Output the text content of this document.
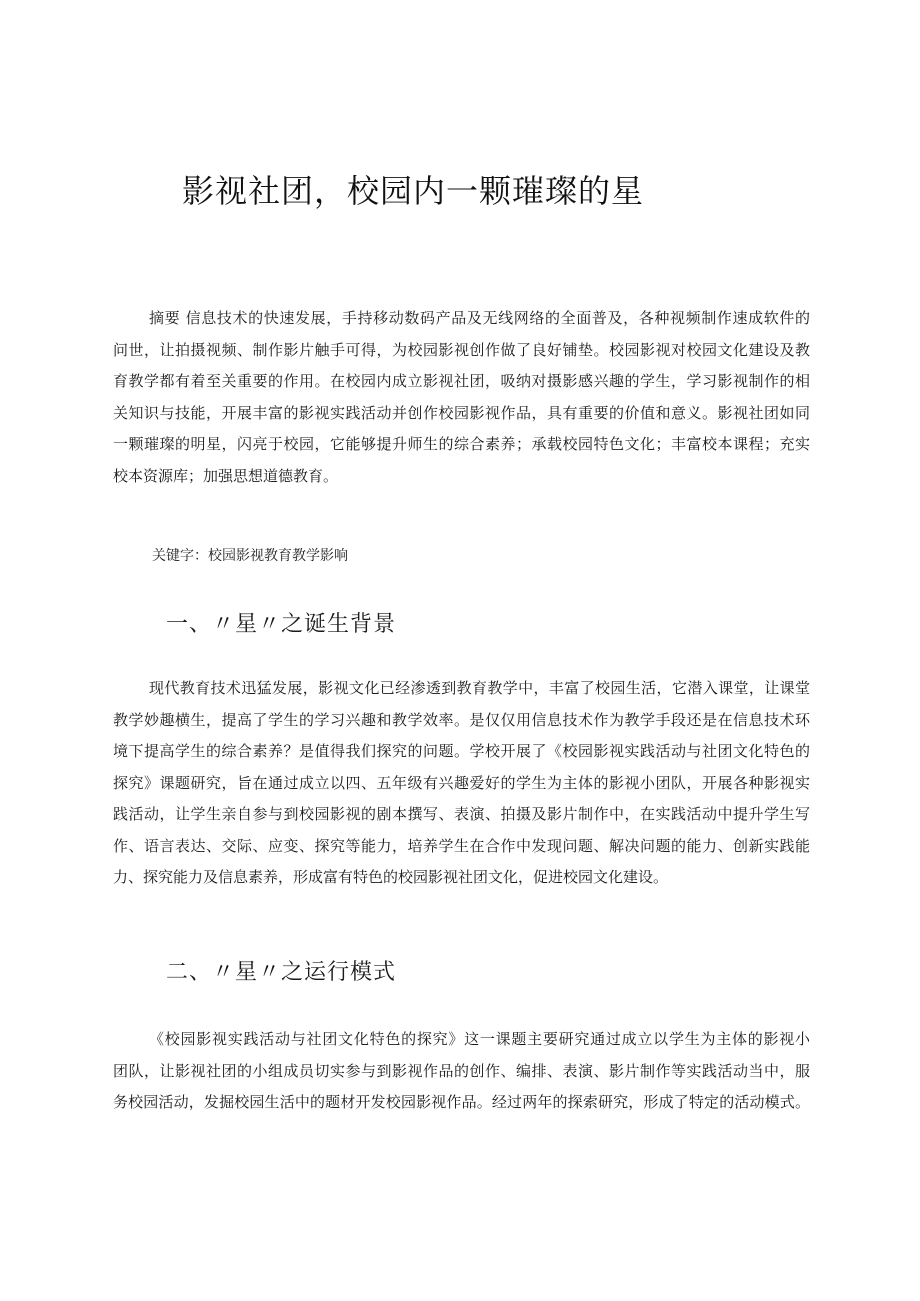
影视社团，校园内一颗璀璨的星
摘要 信息技术的快速发展，手持移动数码产品及无线网络的全面普及，各种视频制作速成软件的
问世，让拍摄视频、制作影片触手可得，为校园影视创作做了良好铺垫。校园影视对校园文化建设及教
育教学都有着至关重要的作用。在校园内成立影视社团，吸纳对摄影感兴趣的学生，学习影视制作的相
关知识与技能，开展丰富的影视实践活动并创作校园影视作品，具有重要的价值和意义。影视社团如同
一颗璀璨的明星，闪亮于校园，它能够提升师生的综合素养；承载校园特色文化；丰富校本课程；充实
校本资源库；加强思想道德教育。
关键字：校园影视教育教学影响
一、〃星〃之诞生背景
现代教育技术迅猛发展，影视文化已经渗透到教育教学中，丰富了校园生活，它潜入课堂，让课堂
教学妙趣横生，提高了学生的学习兴趣和教学效率。是仅仅用信息技术作为教学手段还是在信息技术环
境下提高学生的综合素养？是值得我们探究的问题。学校开展了《校园影视实践活动与社团文化特色的
探究》课题研究，旨在通过成立以四、五年级有兴趣爱好的学生为主体的影视小团队，开展各种影视实
践活动，让学生亲自参与到校园影视的剧本撰写、表演、拍摄及影片制作中，在实践活动中提升学生写
作、语言表达、交际、应变、探究等能力，培养学生在合作中发现问题、解决问题的能力、创新实践能
力、探究能力及信息素养，形成富有特色的校园影视社团文化，促进校园文化建设。
二、〃星〃之运行模式
《校园影视实践活动与社团文化特色的探究》这一课题主要研究通过成立以学生为主体的影视小
团队，让影视社团的小组成员切实参与到影视作品的创作、编排、表演、影片制作等实践活动当中，服
务校园活动，发掘校园生活中的题材开发校园影视作品。经过两年的探索研究，形成了特定的活动模式。
